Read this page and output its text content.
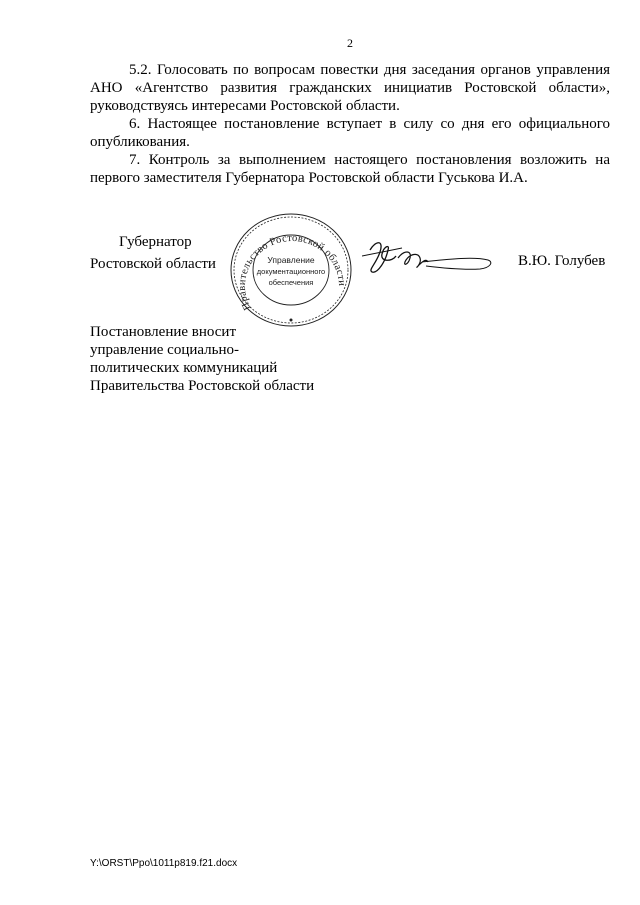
2

5.2. Голосовать по вопросам повестки дня заседания органов управления АНО «Агентство развития гражданских инициатив Ростовской области», руководствуясь интересами Ростовской области.

6. Настоящее постановление вступает в силу со дня его официального опубликования.

7. Контроль за выполнением настоящего постановления возложить на первого заместителя Губернатора Ростовской области Гуськова И.А.

Губернатор
Ростовской области
Правительство Ростовской области
Управление
документационного
обеспечения
В.Ю. Голубев
Постановление вносит
управление социально-
политических коммуникаций
Правительства Ростовской области
Y:\ORST\Ppo\1011p819.f21.docx
